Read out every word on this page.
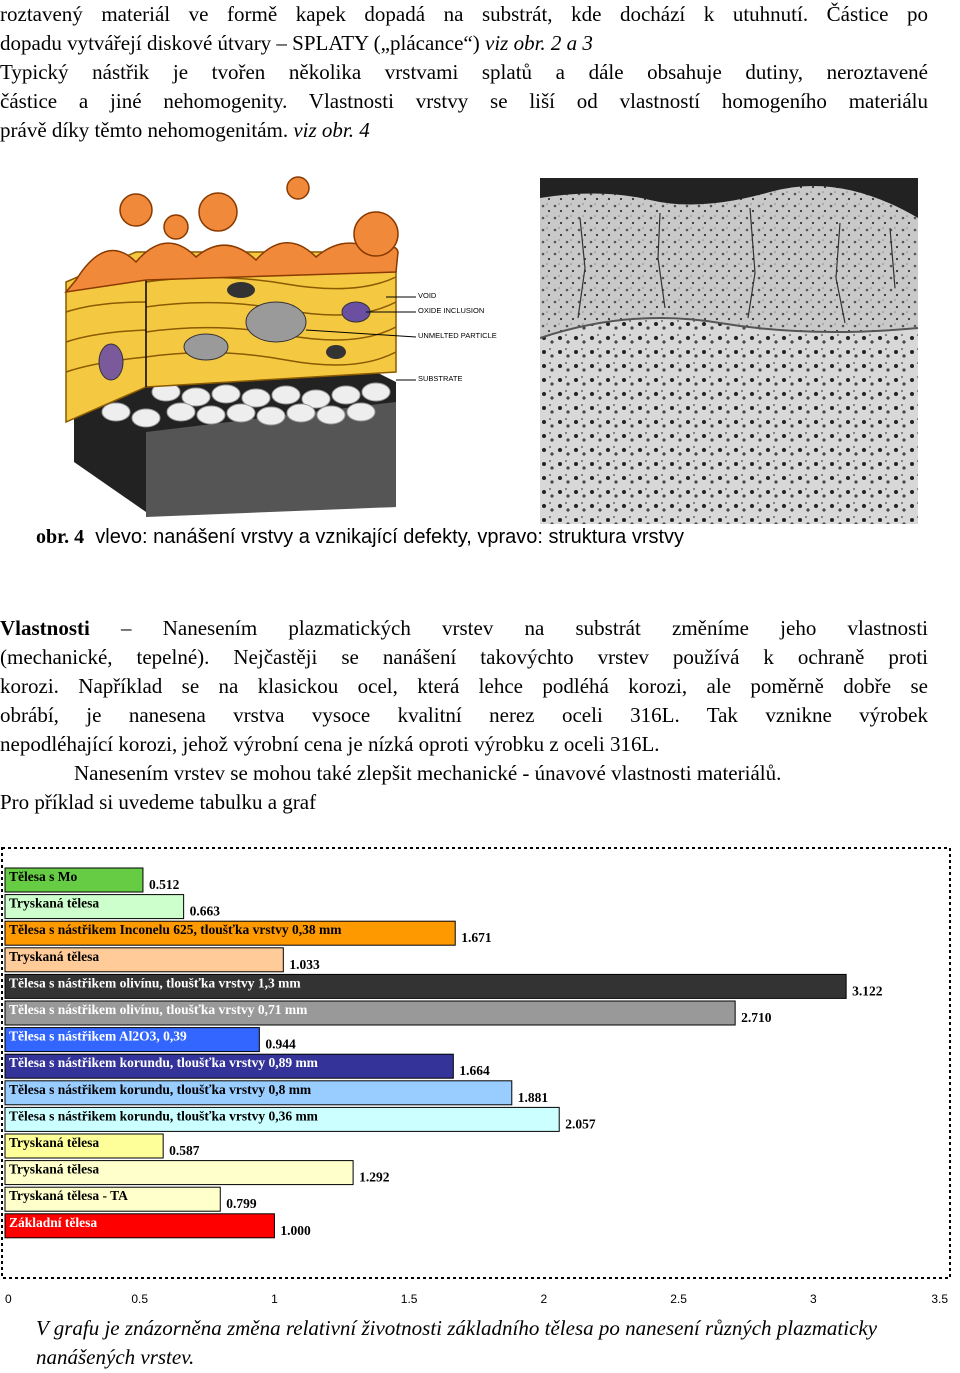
roztavený materiál ve formě kapek dopadá na substrát, kde dochází k utuhnutí. Částice po
dopadu vytvářejí diskové útvary – SPLATY („plácance“) viz obr. 2 a 3
Typický nástřik je tvořen několika vrstvami splatů a dále obsahuje dutiny, neroztavené
částice a jiné nehomogenity. Vlastnosti vrstvy se liší od vlastností homogeního materiálu
právě díky těmto nehomogenitám. viz obr. 4
VOID
OXIDE INCLUSION
UNMELTED PARTICLE
SUBSTRATE
obr. 4 vlevo: nanášení vrstvy a vznikající defekty, vpravo: struktura vrstvy
Vlastnosti – Nanesením plazmatických vrstev na substrát změníme jeho vlastnosti
(mechanické, tepelné). Nejčastěji se nanášení takovýchto vrstev používá k ochraně proti
korozi. Například se na klasickou ocel, která lehce podléhá korozi, ale poměrně dobře se
obrábí, je nanesena vrstva vysoce kvalitní nerez oceli 316L. Tak vznikne výrobek
nepodléhající korozi, jehož výrobní cena je nízká oproti výrobku z oceli 316L.
Nanesením vrstev se mohou také zlepšit mechanické - únavové vlastnosti materiálů.
Pro příklad si uvedeme tabulku a graf
Tělesa s Mo
0.512
Tryskaná tělesa
0.663
Tělesa s nástřikem Inconelu 625, tloušťka vrstvy 0,38 mm
1.671
Tryskaná tělesa
1.033
Tělesa s nástřikem olivínu, tloušťka vrstvy 1,3 mm
3.122
Tělesa s nástřikem olivínu, tloušťka vrstvy 0,71 mm
2.710
Tělesa s nástřikem Al2O3, 0,39
0.944
Tělesa s nástřikem korundu, tloušťka vrstvy 0,89 mm
1.664
Tělesa s nástřikem korundu, tloušťka vrstvy 0,8 mm
1.881
Tělesa s nástřikem korundu, tloušťka vrstvy 0,36 mm
2.057
Tryskaná tělesa
0.587
Tryskaná tělesa
1.292
Tryskaná tělesa - TA
0.799
Základní tělesa
1.000
0	0.5	1	1.5	2	2.5	3	3.5
V grafu je znázorněna změna relativní životnosti základního tělesa po nanesení různých plazmaticky nanášených vrstev.
